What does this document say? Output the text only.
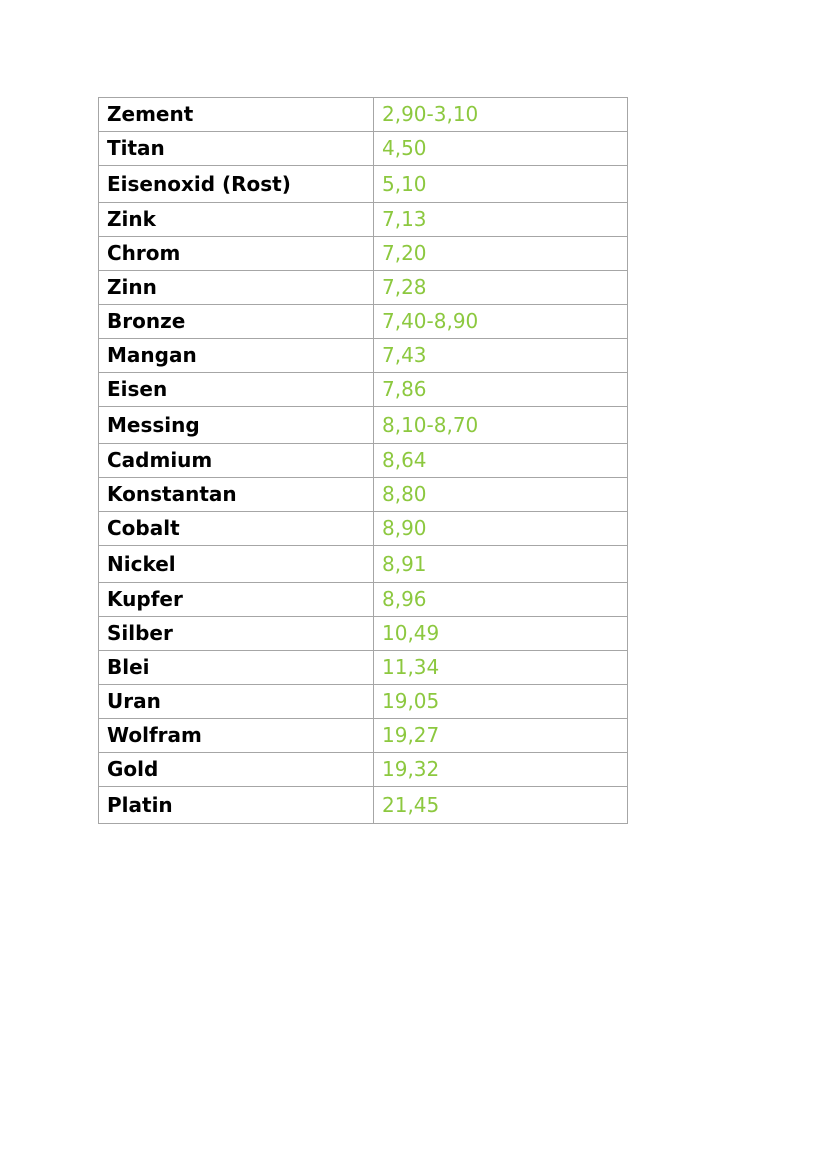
Zement	2,90-3,10
Titan	4,50
Eisenoxid (Rost)	5,10
Zink	7,13
Chrom	7,20
Zinn	7,28
Bronze	7,40-8,90
Mangan	7,43
Eisen	7,86
Messing	8,10-8,70
Cadmium	8,64
Konstantan	8,80
Cobalt	8,90
Nickel	8,91
Kupfer	8,96
Silber	10,49
Blei	11,34
Uran	19,05
Wolfram	19,27
Gold	19,32
Platin	21,45
